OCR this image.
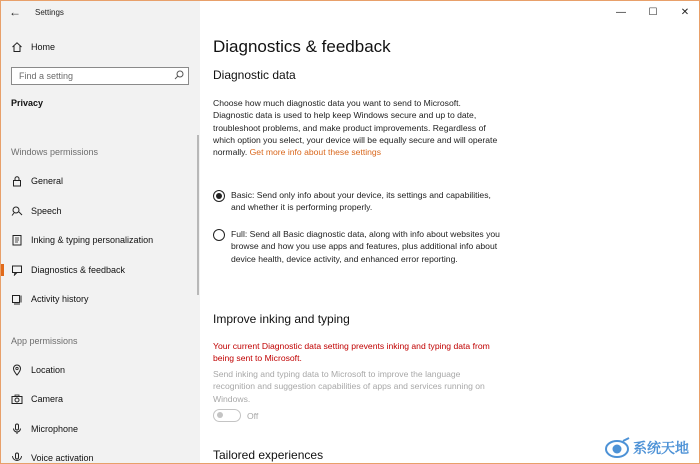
← Settings
Home
Find a setting
Privacy
Windows permissions
General
Speech
Inking & typing personalization
Diagnostics & feedback
Activity history
App permissions
Location
Camera
Microphone
Voice activation
— ☐ ✕
Diagnostics & feedback
Diagnostic data
Choose how much diagnostic data you want to send to Microsoft. Diagnostic data is used to help keep Windows secure and up to date, troubleshoot problems, and make product improvements. Regardless of which option you select, your device will be equally secure and will operate normally. Get more info about these settings
Basic: Send only info about your device, its settings and capabilities, and whether it is performing properly.
Full: Send all Basic diagnostic data, along with info about websites you browse and how you use apps and features, plus additional info about device health, device activity, and enhanced error reporting.
Improve inking and typing
Your current Diagnostic data setting prevents inking and typing data from being sent to Microsoft.
Send inking and typing data to Microsoft to improve the language recognition and suggestion capabilities of apps and services running on Windows.
Off
Tailored experiences	系统天地
